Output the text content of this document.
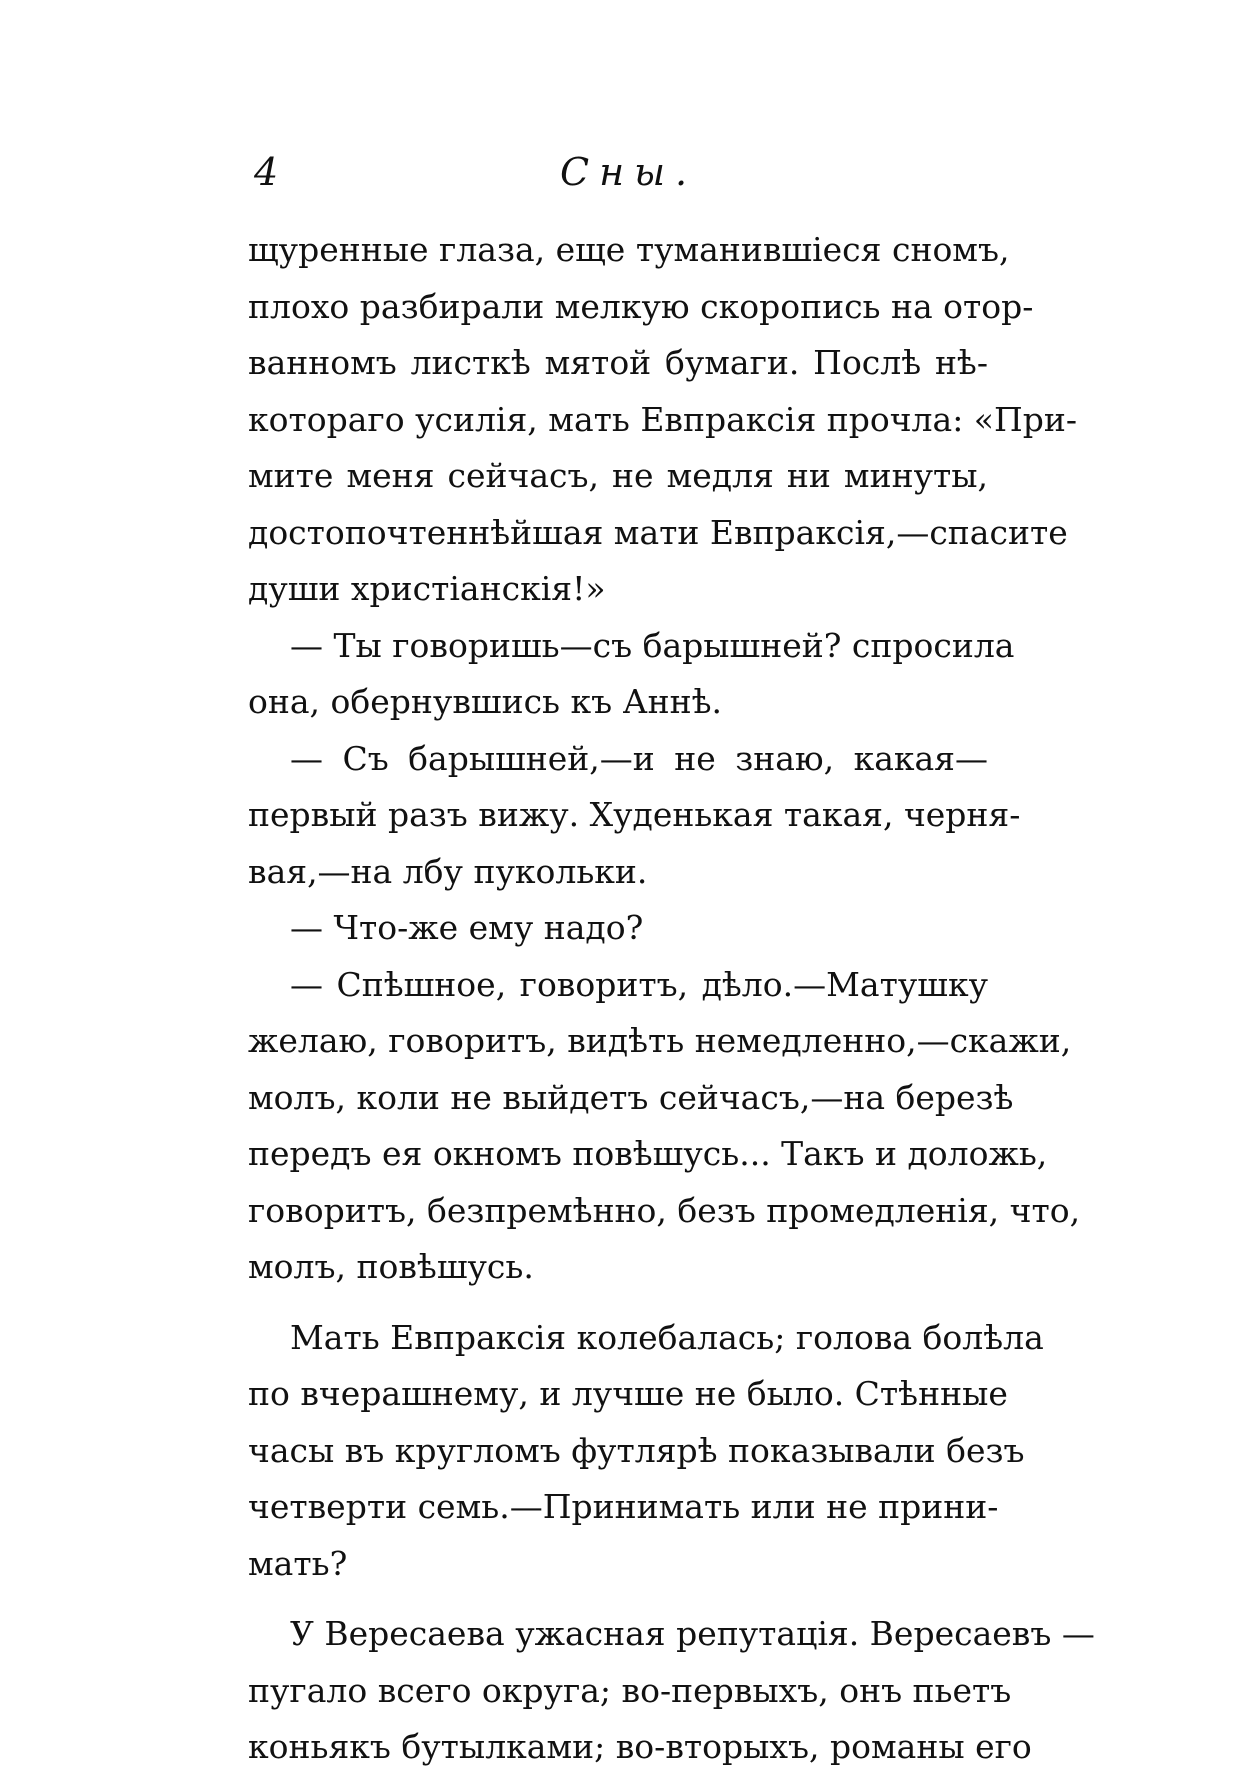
4	Сны.
щуренные глаза, еще туманившіеся сномъ,
плохо разбирали мелкую скоропись на отор-
ванномъ листкѣ мятой бумаги. Послѣ нѣ-
котораго усилія, мать Евпраксія прочла: «При-
мите меня сейчасъ, не медля ни минуты,
достопочтеннѣйшая мати Евпраксія,—спасите
души христіанскія!»
— Ты говоришь—съ барышней? спросила
она, обернувшись къ Аннѣ.
— Съ барышней,—и не знаю, какая—
первый разъ вижу. Худенькая такая, черня-
вая,—на лбу пукольки.
— Что-же ему надо?
— Спѣшное, говоритъ, дѣло.—Матушку
желаю, говоритъ, видѣть немедленно,—скажи,
молъ, коли не выйдетъ сейчасъ,—на березѣ
передъ ея окномъ повѣшусь... Такъ и доложь,
говоритъ, безпремѣнно, безъ промедленія, что,
молъ, повѣшусь.
Мать Евпраксія колебалась; голова болѣла
по вчерашнему, и лучше не было. Стѣнные
часы въ кругломъ футлярѣ показывали безъ
четверти семь.—Принимать или не прини-
мать?
У Вересаева ужасная репутація. Вересаевъ —
пугало всего округа; во-первыхъ, онъ пьетъ
коньякъ бутылками; во-вторыхъ, романы его
